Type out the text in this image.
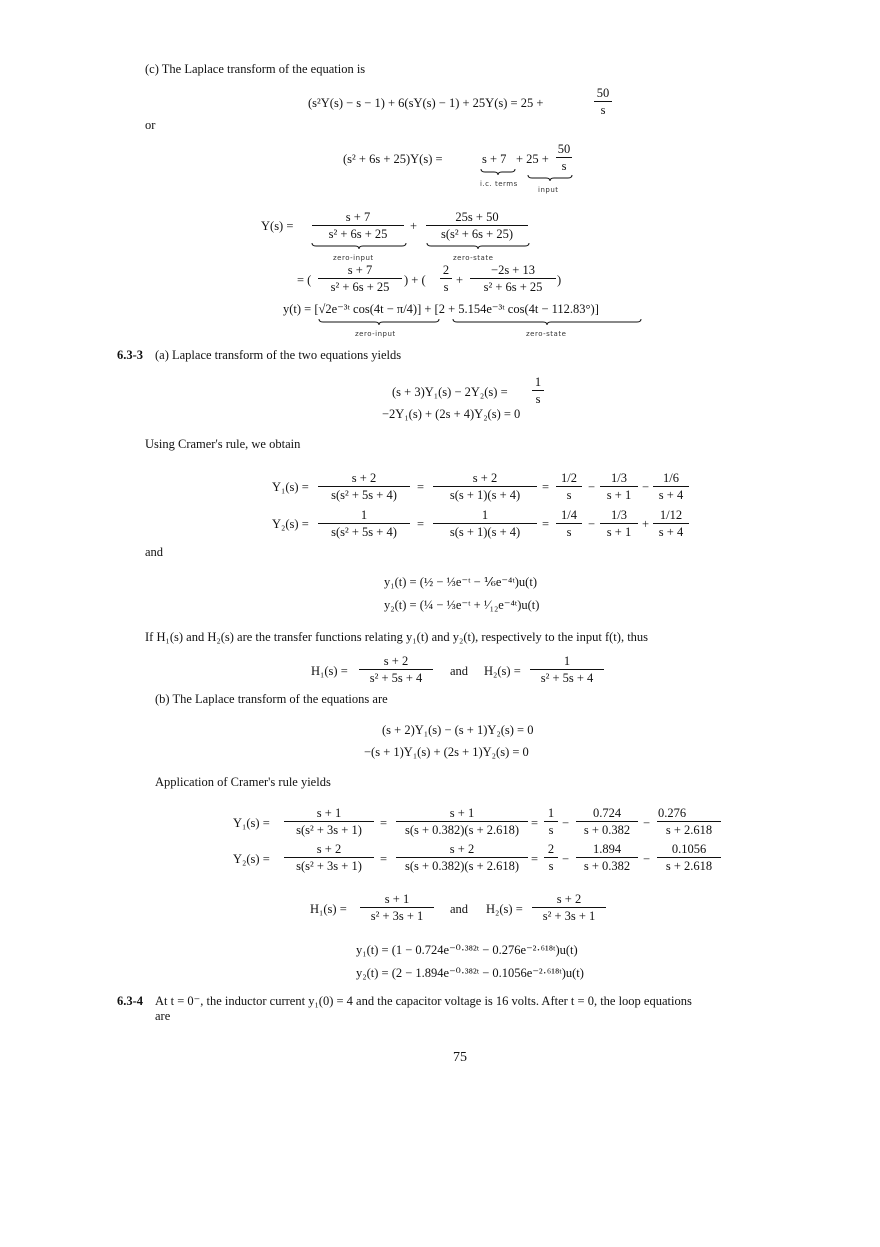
(c) The Laplace transform of the equation is
(s²Y(s) − s − 1) + 6(sY(s) − 1) + 25Y(s) = 25 +
50
s
or
(s² + 6s + 25)Y(s) =	s + 7 + 25 +
50
s
i.c. terms
input
Y(s) =
s + 7
s² + 6s + 25
+
25s + 50
s(s² + 6s + 25)
zero-input	zero-state
= (
s + 7
s² + 6s + 25	) + (
2
s +
−2s + 13
s² + 6s + 25	)
y(t) = [√2e⁻³ᵗ cos(4t − π/4)] + [2 + 5.154e⁻³ᵗ cos(4t − 112.83°)]
zero-input	zero-state
6.3-3 (a) Laplace transform of the two equations yields
(s + 3)Y₁(s) − 2Y₂(s) =
1
s
−2Y₁(s) + (2s + 4)Y₂(s) = 0
Using Cramer's rule, we obtain
Y₁(s) =
s + 2
s(s² + 5s + 4)
=
s + 2
s(s + 1)(s + 4)
=
1/2
s
−
1/3
s + 1
−
1/6
s + 4
Y₂(s) =
1
s(s² + 5s + 4)
=
1
s(s + 1)(s + 4)
=
1/4
s
−
1/3
s + 1
+
1/12
s + 4
and
y₁(t) = (½ − ⅓e⁻ᵗ − ⅙e⁻⁴ᵗ)u(t)
y₂(t) = (¼ − ⅓e⁻ᵗ + ¹⁄₁₂e⁻⁴ᵗ)u(t)
If H₁(s) and H₂(s) are the transfer functions relating y₁(t) and y₂(t), respectively to the input f(t), thus
H₁(s) =
s + 2
s² + 5s + 4	and H₂(s) =
1
s² + 5s + 4
(b) The Laplace transform of the equations are
(s + 2)Y₁(s) − (s + 1)Y₂(s) = 0
−(s + 1)Y₁(s) + (2s + 1)Y₂(s) = 0
Application of Cramer's rule yields
Y₁(s) =
s + 1
s(s² + 3s + 1)	=
s + 1
s(s + 0.382)(s + 2.618) =
1
s −
0.724
s + 0.382	−
0.276
s + 2.618
Y₂(s) =
s + 2
s(s² + 3s + 1)	=
s + 2
s(s + 0.382)(s + 2.618) =
2
s −
1.894
s + 0.382	−
0.1056
s + 2.618
H₁(s) =
s + 1
s² + 3s + 1	and H₂(s) =
s + 2
s² + 3s + 1
y₁(t) = (1 − 0.724e⁻⁰·³⁸²ᵗ − 0.276e⁻²·⁶¹⁸ᵗ)u(t)
y₂(t) = (2 − 1.894e⁻⁰·³⁸²ᵗ − 0.1056e⁻²·⁶¹⁸ᵗ)u(t)
6.3-4 At t = 0⁻, the inductor current y₁(0) = 4 and the capacitor voltage is 16 volts. After t = 0, the loop equations
are
75
